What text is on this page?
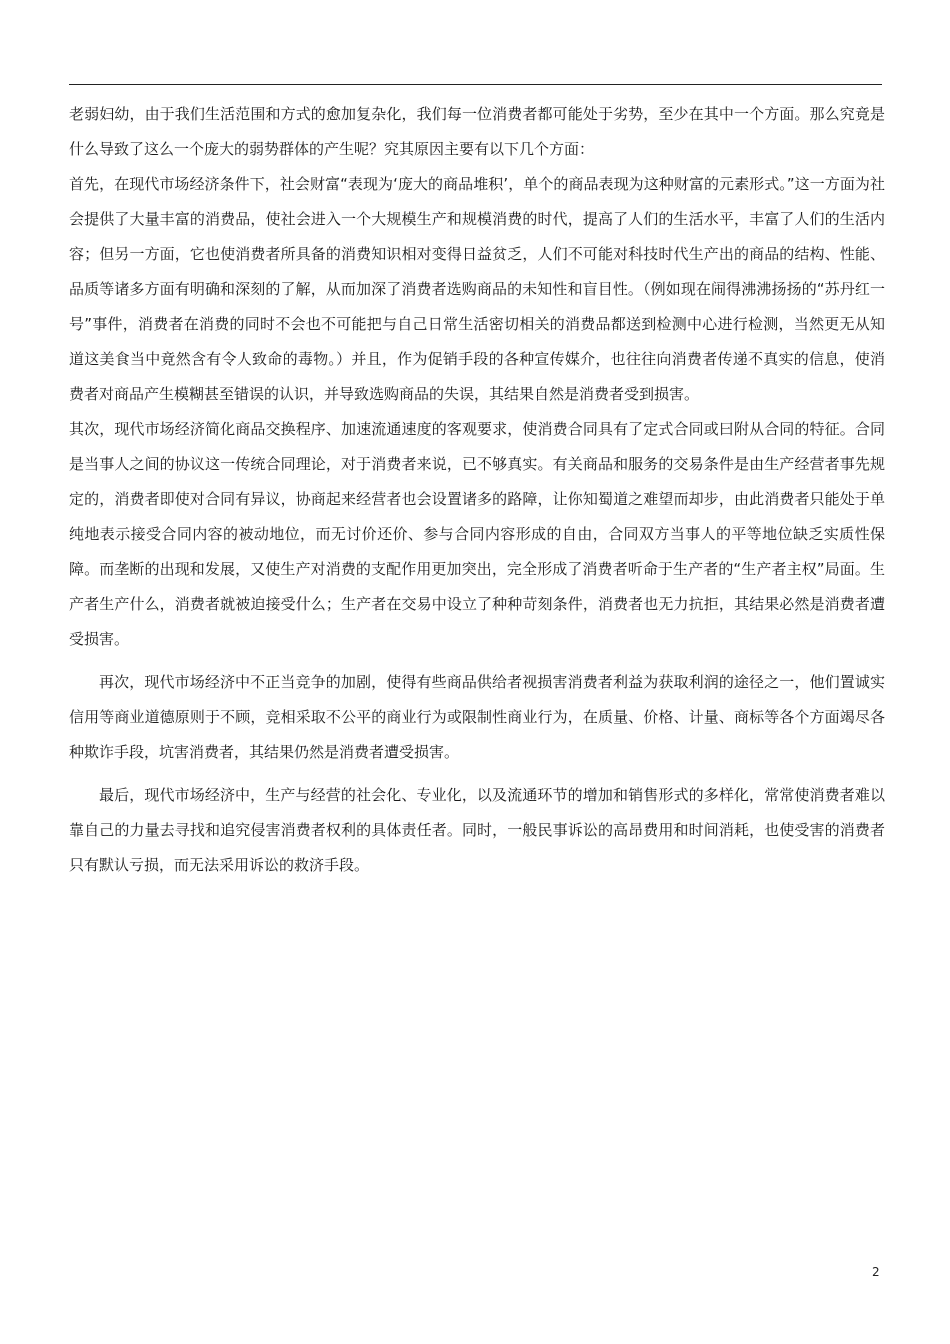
老弱妇幼，由于我们生活范围和方式的愈加复杂化，我们每一位消费者都可能处于劣势，至少在其中一个方面。那么究竟是什么导致了这么一个庞大的弱势群体的产生呢？究其原因主要有以下几个方面：

首先，在现代市场经济条件下，社会财富“表现为‘庞大的商品堆积’，单个的商品表现为这种财富的元素形式。”这一方面为社会提供了大量丰富的消费品，使社会进入一个大规模生产和规模消费的时代，提高了人们的生活水平，丰富了人们的生活内容；但另一方面，它也使消费者所具备的消费知识相对变得日益贫乏，人们不可能对科技时代生产出的商品的结构、性能、品质等诸多方面有明确和深刻的了解，从而加深了消费者选购商品的未知性和盲目性。（例如现在闹得沸沸扬扬的“苏丹红一号”事件，消费者在消费的同时不会也不可能把与自己日常生活密切相关的消费品都送到检测中心进行检测，当然更无从知道这美食当中竟然含有令人致命的毒物。）并且，作为促销手段的各种宣传媒介，也往往向消费者传递不真实的信息，使消费者对商品产生模糊甚至错误的认识，并导致选购商品的失误，其结果自然是消费者受到损害。

其次，现代市场经济简化商品交换程序、加速流通速度的客观要求，使消费合同具有了定式合同或曰附从合同的特征。合同是当事人之间的协议这一传统合同理论，对于消费者来说，已不够真实。有关商品和服务的交易条件是由生产经营者事先规定的，消费者即使对合同有异议，协商起来经营者也会设置诸多的路障，让你知蜀道之难望而却步，由此消费者只能处于单纯地表示接受合同内容的被动地位，而无讨价还价、参与合同内容形成的自由，合同双方当事人的平等地位缺乏实质性保障。而垄断的出现和发展，又使生产对消费的支配作用更加突出，完全形成了消费者听命于生产者的“生产者主权”局面。生产者生产什么，消费者就被迫接受什么；生产者在交易中设立了种种苛刻条件，消费者也无力抗拒，其结果必然是消费者遭受损害。

再次，现代市场经济中不正当竞争的加剧，使得有些商品供给者视损害消费者利益为获取利润的途径之一，他们置诚实信用等商业道德原则于不顾，竞相采取不公平的商业行为或限制性商业行为，在质量、价格、计量、商标等各个方面竭尽各种欺诈手段，坑害消费者，其结果仍然是消费者遭受损害。

最后，现代市场经济中，生产与经营的社会化、专业化，以及流通环节的增加和销售形式的多样化，常常使消费者难以靠自己的力量去寻找和追究侵害消费者权利的具体责任者。同时，一般民事诉讼的高昂费用和时间消耗，也使受害的消费者只有默认亏损，而无法采用诉讼的救济手段。

2
